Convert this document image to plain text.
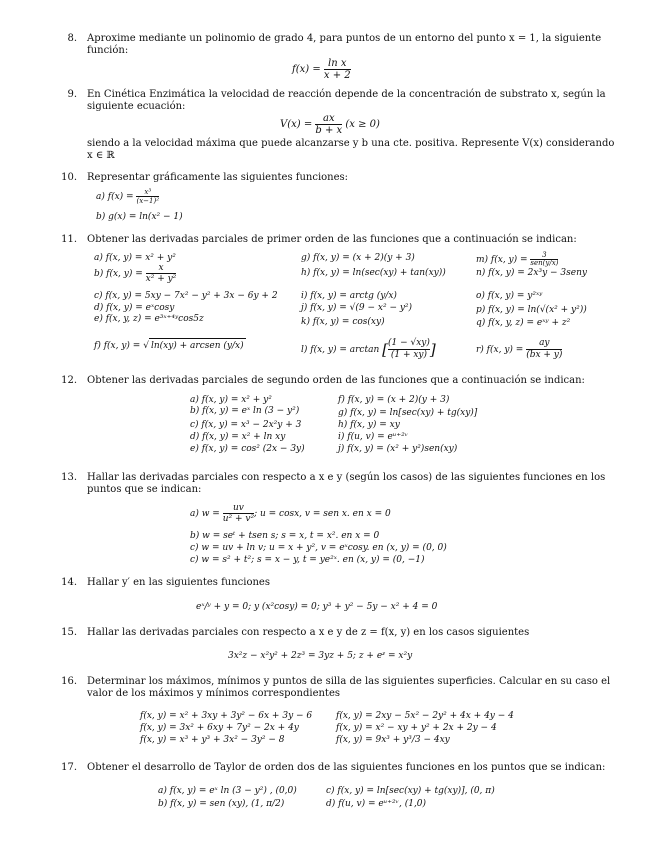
8. Aproxime mediante un polinomio de grado 4, para puntos de un entorno del punto x = 1, la siguiente
función:
$f(x) = \frac{\text{ln x}}{x + 2}$
9. En Cinética Enzimática la velocidad de reacción depende de la concentración de substrato x, según la
siguiente ecuación:
$V(x) = \frac{ax}{b + x} (x \ge 0)$
siendo a la velocidad máxima que puede alcanzarse y b una cte. positiva. Represente V(x) considerando
x ∈ ℝ
10. Representar gráficamente las siguientes funciones:
a) $f(x) = \frac{\text{x³}}{\text{(x−1)²}}$
b) g(x) = ln(x² − 1)
11. Obtener las derivadas parciales de primer orden de las funciones que a continuación se indican:
a) f(x, y) = x² + y²
b) f(x, $y) = \frac{x}{\text{x² + y²}}$
c) f(x, y) = 5xy − 7x² − y² + 3x − 6y + 2
d) f(x, y) = eˣcosy
e) f(x, y, z) = e³ˣ⁺⁴ʸcos5z
f) f(x, y) = √ ln(xy) + arcsen (y/x)
g) f(x, y) = (x + 2)(y + 3)
h) f(x, y) = ln(sec(xy) + tan(xy))
i) f(x, y) = arctg (y/x)
j) f(x, y) = √(9 − x² − y²)
k) f(x, y) = cos(xy)
l) f(x, y) = arctan [ $\frac{(1 - √xy)}{(1 + xy)}$ ]
m) f(x, $y) = \frac{3}{\text{sen(y/x)}}$
n) f(x, y) = 2x³y − 3seny
o) f(x, y) = y²ˣʸ
p) f(x, y) = ln(√(x² + y²))
q) f(x, y, z) = eˣʸ + z²
r) f(x, $y) = \frac{ay}{(bx + y)}$
12. Obtener las derivadas parciales de segundo orden de las funciones que a continuación se indican:
a) f(x, y) = x² + y²
b) f(x, y) = eˣ ln (3 − y²)
c) f(x, y) = x³ − 2x²y + 3
d) f(x, y) = x² + ln xy
e) f(x, y) = cos² (2x − 3y)
f) f(x, y) = (x + 2)(y + 3)
g) f(x, y) = ln[sec(xy) + tg(xy)]
h) f(x, y) = xy
i) f(u, v) = eᵘ⁺²ᵛ
j) f(x, y) = (x² + y²)sen(xy)
13. Hallar las derivadas parciales con respecto a x e y (según los casos) de las siguientes funciones en los
puntos que se indican:
a) $w = \frac{uv}{\text{u² + v²}}$ ; u = cosx, v = sen x. en x = 0
b) w = seᵗ + tsen s; s = x, t = x². en x = 0
c) w = uv + ln v; u = x + y², v = eˣcosy. en (x, y) = (0, 0)
c) w = s² + t²; s = x − y, t = ye²ˣ. en (x, y) = (0, −1)
14. Hallar y′ en las siguientes funciones
eˣ/ʸ + y = 0; y (x²cosy) = 0; y³ + y² − 5y − x² + 4 = 0
15. Hallar las derivadas parciales con respecto a x e y de z = f(x, y) en los casos siguientes
3x²z − x²y² + 2z³ = 3yz + 5; z + eᶻ = x²y
16. Determinar los máximos, mínimos y puntos de silla de las siguientes superficies. Calcular en su caso el
valor de los máximos y mínimos correspondientes
f(x, y) = x² + 3xy + 3y² − 6x + 3y − 6
f(x, y) = 3x² + 6xy + 7y² − 2x + 4y
f(x, y) = x³ + y³ + 3x² − 3y² − 8
f(x, y) = 2xy − 5x² − 2y² + 4x + 4y − 4
f(x, y) = x² − xy + y² + 2x + 2y − 4
f(x, y) = 9x³ + y³/3 − 4xy
17. Obtener el desarrollo de Taylor de orden dos de las siguientes funciones en los puntos que se indican:
a) f(x, y) = eˣ ln (3 − y²) , (0,0)
b) f(x, y) = sen (xy), (1, π/2)
c) f(x, y) = ln[sec(xy) + tg(xy)], (0, π)
d) f(u, v) = eᵘ⁺²ᵛ, (1,0)
